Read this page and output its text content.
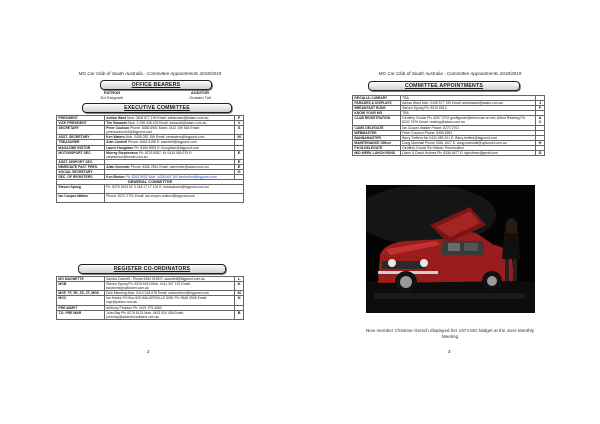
MG Car Club of South Australia - Committee Appointments 2018/2019
OFFICE BEARERS
PATRON
Ed Gregorek
AUDITOR
Graham Tull
EXECUTIVE COMMITTEE
PRESIDENT	Adrian Ward Mob. 0408 577 199 Email: adrianward@adam.com.au	P
VICE PRESIDENT	Tim Edwards Mob. 0 298 046 409 Email: edwards@adam.com.au	V
SECRETARY	Peter Coulson Phone: 8356 6951 Mobil: 0412 159 564 Email: petercoulson16@bigpond.com	S
ASST. SECRETARY	Ken Waters Mob. 0408 282 196 Email: kenwaters@bigpond.com	M
TREASURER	Alan Cantrell Phone: 8264 9198 E: acantrell@bigpond.com	
MAGAZINE EDITOR	Laurie Houghton Ph: 8356 8993 E: lhoughton@bigpond.com	
MOTORSPORT SEC.	Murray Stephenson Ph: 8276 9087, M: 0410 085 975 E: stephenson@senet.com.au	E
ASST. M/SPORT SEC.		E
IMMEDIATE PAST PRES.	Allan Semmler Phone: 8266 2561 Email: asemmler@adam.com.au	E
SOCIAL SECRETARY		G
SEC. OF REGISTERS	Ken Burton Ph: 8263 8952 Mob: 0408 664 160 kenburton@bigpond.com	
GENERAL COMMITTEE		
Steven Spong	Ph: 8376 6913 M: 0 418 17 17 101 E: scbaudrons@bigpond.com.au	
Ian Cooper-Walker	Phone: 8270 2701 Email: ian.cooper-walker@bigpond.com	
REGISTER CO-ORDINATORS
MG MAGNETTE	Sandra Cantrell - Phone 8264 9198 E: acantrell@bigpond.com.au	L
MGB	Steven Spong Ph: 8376 6913 Mob: 0411 307 191 Email: baudrons@optusnet.com.au	K
MGF, TF, ZR, ZS, ZT, MG6	Dick Manning Mob: 0413 018 678 Email: carbox4mm@bigpond.com	M
MGC	Ian Hobbs PO Box 626 WALKERVILLE 5081 Ph: 8346 3908 Email: mgc@yahoo.com.au	N
PRE-WAR/T	Anthony Pearson Ph: 0421 979 4383	
T.D. PRE WAR	John Bay Ph: 8278 5123 Mob. 0433 924 436 Email: john.bay@adambroadband.com.au	B
2
MG Car Club of South Australia - Committee Appointments 2018/2019
COMMITTEE APPOINTMENTS
REGALIA / LIBRARY	TBA	
PARADES & DISPLAYS	Adrian Ward Mob. 0408 577 199 Email: adrianward@adam.com.au	J
BREAKFAST RUNS	Steven Spong Ph: 8376 6913	F
KNOW YOUR MG	TBA	
CLUB REGISTRATION	Geoffrey Goode Ph: 8267 2702 geoffgoode@internode.on.net; Arthur Reading Ph: 8332 7876 Email: reading@adam.com.au	A C
CAMS DELEGATE	Ian Cooper-Walker Phone: 8270 2701	
WEBMASTER	Peter Coulson Phone: 8356 6951	
BANNAMASTER	Barry Treffers Mo 0434 089 021 E: Barry.treffers@bigpond.com	
MAINTENANCE Officer	Doug Marshall Phone 0266 1527 E: doug.marshall@optusnet.com.au	H
F.H.M.DELEGATE	Geoffrey Goode Re-Historic Preservation	
MID WEEK LUNCH RUNS	Diane & David Holmes Ph: 8336 6577 E: dgholmes@gmail.com	D
New member Christine Gersch displayed her 1974 MG Midget at the June Monthly Meeting
3
